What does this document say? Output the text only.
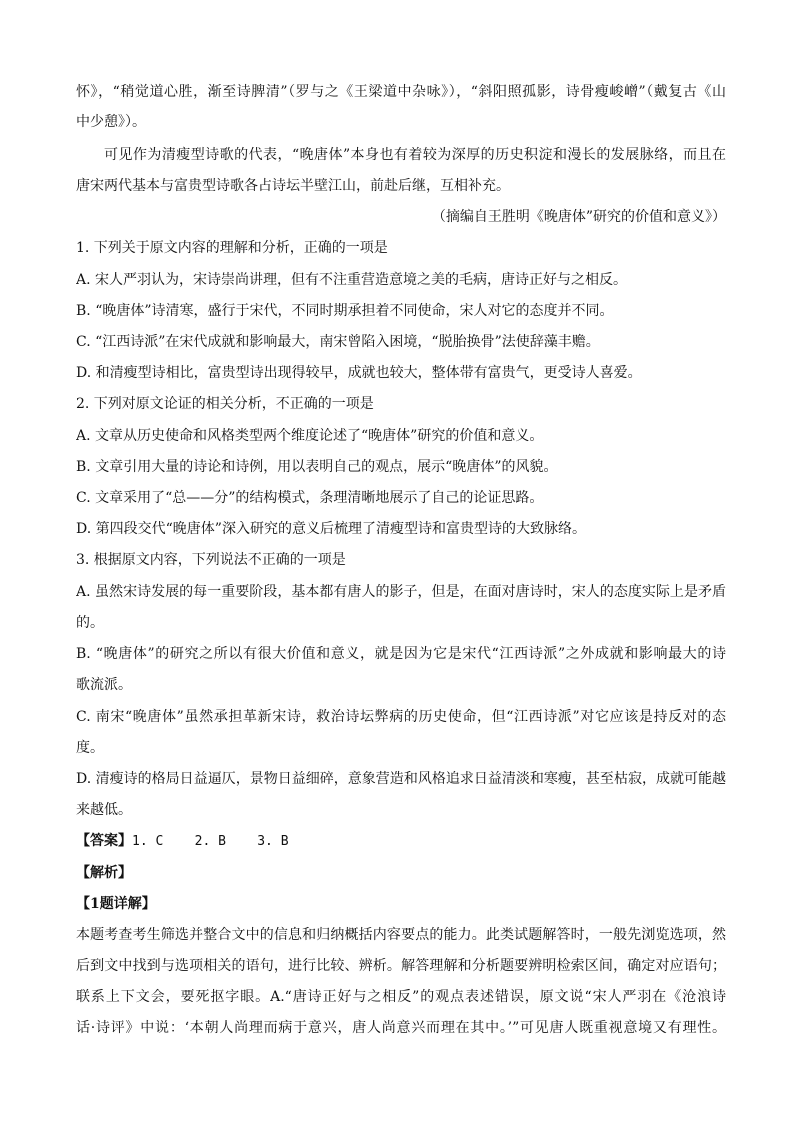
怀》，“稍觉道心胜，渐至诗脾清”（罗与之《王梁道中杂咏》），“斜阳照孤影，诗骨瘦峻嶒”（戴复古《山
中少憩》）。
可见作为清瘦型诗歌的代表，“晚唐体”本身也有着较为深厚的历史积淀和漫长的发展脉络，而且在
唐宋两代基本与富贵型诗歌各占诗坛半壁江山，前赴后继，互相补充。
（摘编自王胜明《晚唐体”研究的价值和意义》）
1. 下列关于原文内容的理解和分析，正确的一项是
A. 宋人严羽认为，宋诗崇尚讲理，但有不注重营造意境之美的毛病，唐诗正好与之相反。
B. “晚唐体”诗清寒，盛行于宋代，不同时期承担着不同使命，宋人对它的态度并不同。
C. “江西诗派”在宋代成就和影响最大，南宋曾陷入困境，“脱胎换骨”法使辞藻丰赡。
D. 和清瘦型诗相比，富贵型诗出现得较早，成就也较大，整体带有富贵气，更受诗人喜爱。
2. 下列对原文论证的相关分析，不正确的一项是
A. 文章从历史使命和风格类型两个维度论述了“晚唐体”研究的价值和意义。
B. 文章引用大量的诗论和诗例，用以表明自己的观点，展示“晚唐体”的风貌。
C. 文章采用了“总——分”的结构模式，条理清晰地展示了自己的论证思路。
D. 第四段交代“晚唐体”深入研究的意义后梳理了清瘦型诗和富贵型诗的大致脉络。
3. 根据原文内容，下列说法不正确的一项是
A. 虽然宋诗发展的每一重要阶段，基本都有唐人的影子，但是，在面对唐诗时，宋人的态度实际上是矛盾
的。
B. “晚唐体”的研究之所以有很大价值和意义，就是因为它是宋代“江西诗派”之外成就和影响最大的诗
歌流派。
C. 南宋“晚唐体”虽然承担革新宋诗，救治诗坛弊病的历史使命，但“江西诗派”对它应该是持反对的态
度。
D. 清瘦诗的格局日益逼仄，景物日益细碎，意象营造和风格追求日益清淡和寒瘦，甚至枯寂，成就可能越
来越低。
【答案】1. C    2. B    3. B
【解析】
【1题详解】
本题考查考生筛选并整合文中的信息和归纳概括内容要点的能力。此类试题解答时，一般先浏览选项，然
后到文中找到与选项相关的语句，进行比较、辨析。解答理解和分析题要辨明检索区间，确定对应语句；
联系上下文会，要死抠字眼。A.“唐诗正好与之相反”的观点表述错误，原文说“宋人严羽在《沧浪诗
话·诗评》中说：‘本朝人尚理而病于意兴，唐人尚意兴而理在其中。’”可见唐人既重视意境又有理性。
